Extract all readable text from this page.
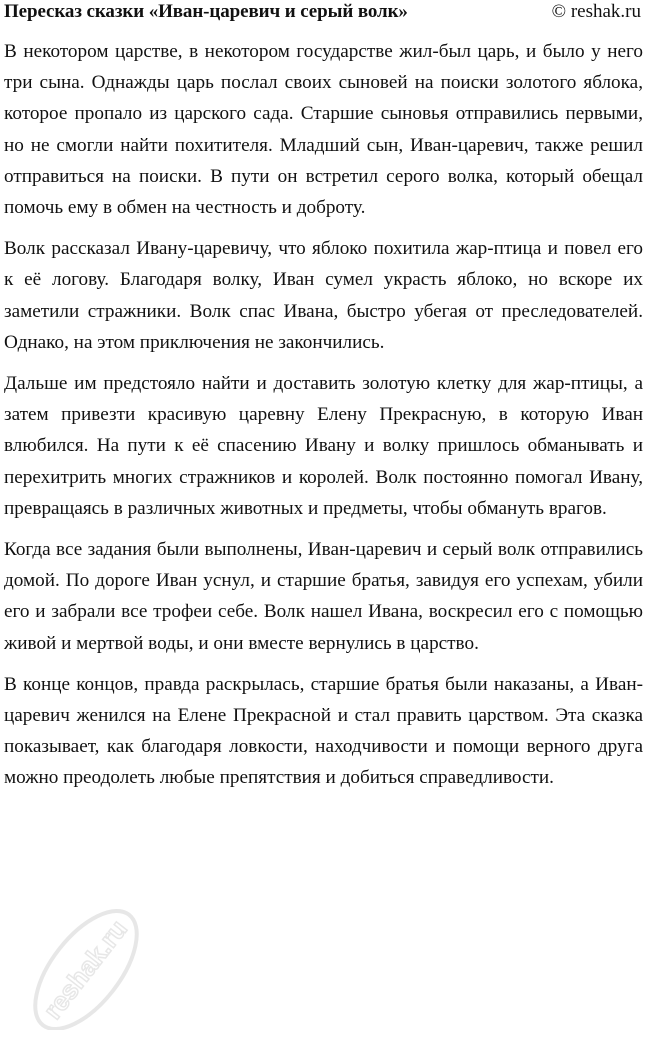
Пересказ сказки «Иван-царевич и серый волк»	© reshak.ru

В некотором царстве, в некотором государстве жил-был царь, и было у него три сына. Однажды царь послал своих сыновей на поиски золотого яблока, которое пропало из царского сада. Старшие сыновья отправились первыми, но не смогли найти похитителя. Младший сын, Иван-царевич, также решил отправиться на поиски. В пути он встретил серого волка, который обещал помочь ему в обмен на честность и доброту.

Волк рассказал Ивану-царевичу, что яблоко похитила жар-птица и повел его к её логову. Благодаря волку, Иван сумел украсть яблоко, но вскоре их заметили стражники. Волк спас Ивана, быстро убегая от преследователей. Однако, на этом приключения не закончились.

Дальше им предстояло найти и доставить золотую клетку для жар-птицы, а затем привезти красивую царевну Елену Прекрасную, в которую Иван влюбился. На пути к её спасению Ивану и волку пришлось обманывать и перехитрить многих стражников и королей. Волк постоянно помогал Ивану, превращаясь в различных животных и предметы, чтобы обмануть врагов.

Когда все задания были выполнены, Иван-царевич и серый волк отправились домой. По дороге Иван уснул, и старшие братья, завидуя его успехам, убили его и забрали все трофеи себе. Волк нашел Ивана, воскресил его с помощью живой и мертвой воды, и они вместе вернулись в царство.

В конце концов, правда раскрылась, старшие братья были наказаны, а Иван-царевич женился на Елене Прекрасной и стал править царством. Эта сказка показывает, как благодаря ловкости, находчивости и помощи верного друга можно преодолеть любые препятствия и добиться справедливости.

reshak.ru
